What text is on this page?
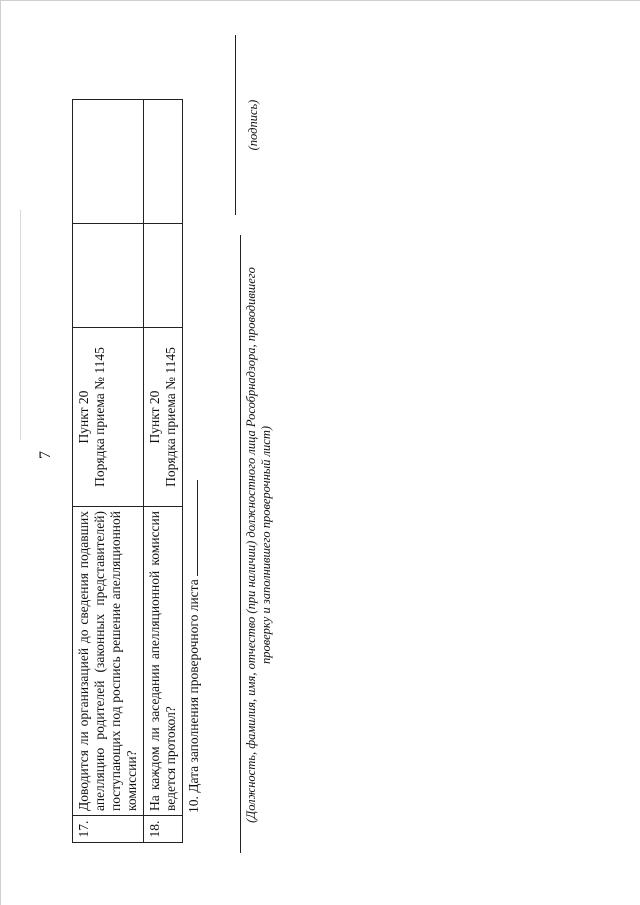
7
17.	Доводится ли организацией до сведения подавших апелляцию родителей (законных представителей) поступающих под роспись решение апелляционной комиссии?	Пункт 20 Порядка приема № 1145		

18.	На каждом ли заседании апелляционной комиссии ведется протокол?	Пункт 20 Порядка приема № 1145		

10. Дата заполнения проверочного листа	(Должность, фамилия, имя, отчество (при наличии) должностного лица Рособрнадзора, проводившего проверку и заполнившего проверочный лист)
(подпись)
